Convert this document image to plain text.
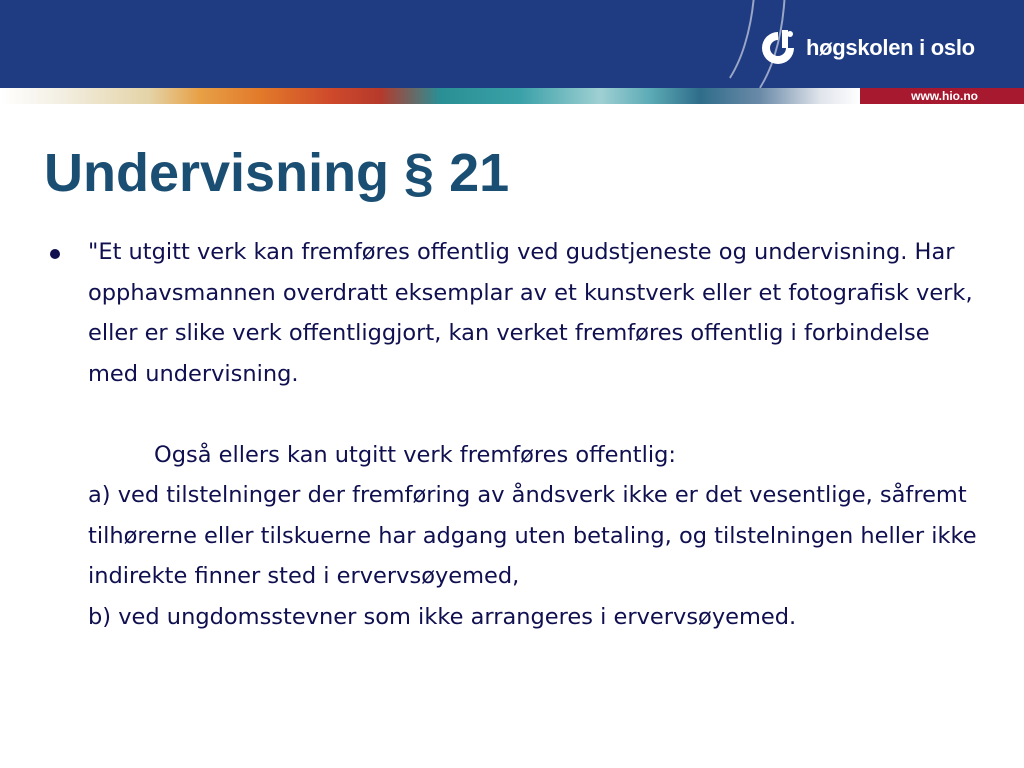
høgskolen i oslo
www.hio.no
Undervisning § 21

"Et utgitt verk kan fremføres offentlig ved gudstjeneste og undervisning. Har opphavsmannen overdratt eksemplar av et kunstverk eller et fotografisk verk, eller er slike verk offentliggjort, kan verket fremføres offentlig i forbindelse med undervisning.

Også ellers kan utgitt verk fremføres offentlig:

a) ved tilstelninger der fremføring av åndsverk ikke er det vesentlige, såfremt tilhørerne eller tilskuerne har adgang uten betaling, og tilstelningen heller ikke indirekte finner sted i ervervsøyemed,

b) ved ungdomsstevner som ikke arrangeres i ervervsøyemed.
